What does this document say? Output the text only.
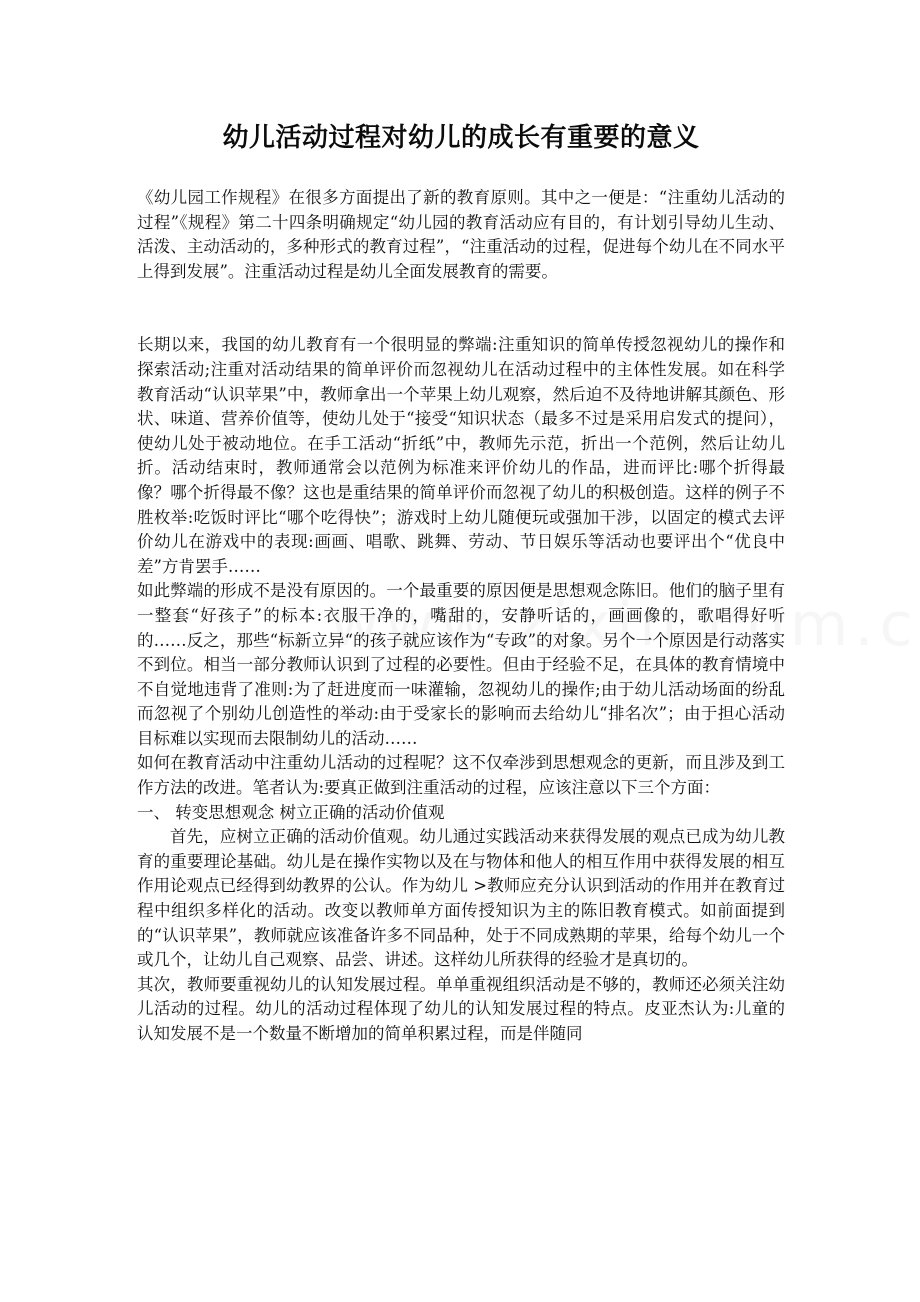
幼儿活动过程对幼儿的成长有重要的意义

《幼儿园工作规程》在很多方面提出了新的教育原则。其中之一便是：“注重幼儿活动的过程”《规程》第二十四条明确规定“幼儿园的教育活动应有目的，有计划引导幼儿生动、活泼、主动活动的，多种形式的教育过程”，“注重活动的过程，促进每个幼儿在不同水平上得到发展”。注重活动过程是幼儿全面发展教育的需要。

长期以来，我国的幼儿教育有一个很明显的弊端:注重知识的简单传授忽视幼儿的操作和探索活动;注重对活动结果的简单评价而忽视幼儿在活动过程中的主体性发展。如在科学教育活动“认识苹果”中，教师拿出一个苹果上幼儿观察，然后迫不及待地讲解其颜色、形状、味道、营养价值等，使幼儿处于“接受“知识状态（最多不过是采用启发式的提问），使幼儿处于被动地位。在手工活动“折纸”中，教师先示范，折出一个范例，然后让幼儿折。活动结束时，教师通常会以范例为标准来评价幼儿的作品，进而评比:哪个折得最像？哪个折得最不像？这也是重结果的简单评价而忽视了幼儿的积极创造。这样的例子不胜枚举:吃饭时评比“哪个吃得快”；游戏时上幼儿随便玩或强加干涉，以固定的模式去评价幼儿在游戏中的表现:画画、唱歌、跳舞、劳动、节日娱乐等活动也要评出个“优良中差”方肯罢手……

如此弊端的形成不是没有原因的。一个最重要的原因便是思想观念陈旧。他们的脑子里有一整套“好孩子”的标本:衣服干净的，嘴甜的，安静听话的，画画像的，歌唱得好听的……反之，那些“标新立异“的孩子就应该作为“专政”的对象。另个一个原因是行动落实不到位。相当一部分教师认识到了过程的必要性。但由于经验不足，在具体的教育情境中不自觉地违背了准则:为了赶进度而一味灌输，忽视幼儿的操作;由于幼儿活动场面的纷乱而忽视了个别幼儿创造性的举动:由于受家长的影响而去给幼儿“排名次”；由于担心活动目标难以实现而去限制幼儿的活动……

如何在教育活动中注重幼儿活动的过程呢？这不仅牵涉到思想观念的更新，而且涉及到工作方法的改进。笔者认为:要真正做到注重活动的过程，应该注意以下三个方面：

一、 转变思想观念 树立正确的活动价值观

首先，应树立正确的活动价值观。幼儿通过实践活动来获得发展的观点已成为幼儿教育的重要理论基础。幼儿是在操作实物以及在与物体和他人的相互作用中获得发展的相互作用论观点已经得到幼教界的公认。作为幼儿 >教师应充分认识到活动的作用并在教育过程中组织多样化的活动。改变以教师单方面传授知识为主的陈旧教育模式。如前面提到的“认识苹果”，教师就应该准备许多不同品种，处于不同成熟期的苹果，给每个幼儿一个或几个，让幼儿自己观察、品尝、讲述。这样幼儿所获得的经验才是真切的。

其次，教师要重视幼儿的认知发展过程。单单重视组织活动是不够的，教师还必须关注幼儿活动的过程。幼儿的活动过程体现了幼儿的认知发展过程的特点。皮亚杰认为:儿童的认知发展不是一个数量不断增加的简单积累过程，而是伴随同
